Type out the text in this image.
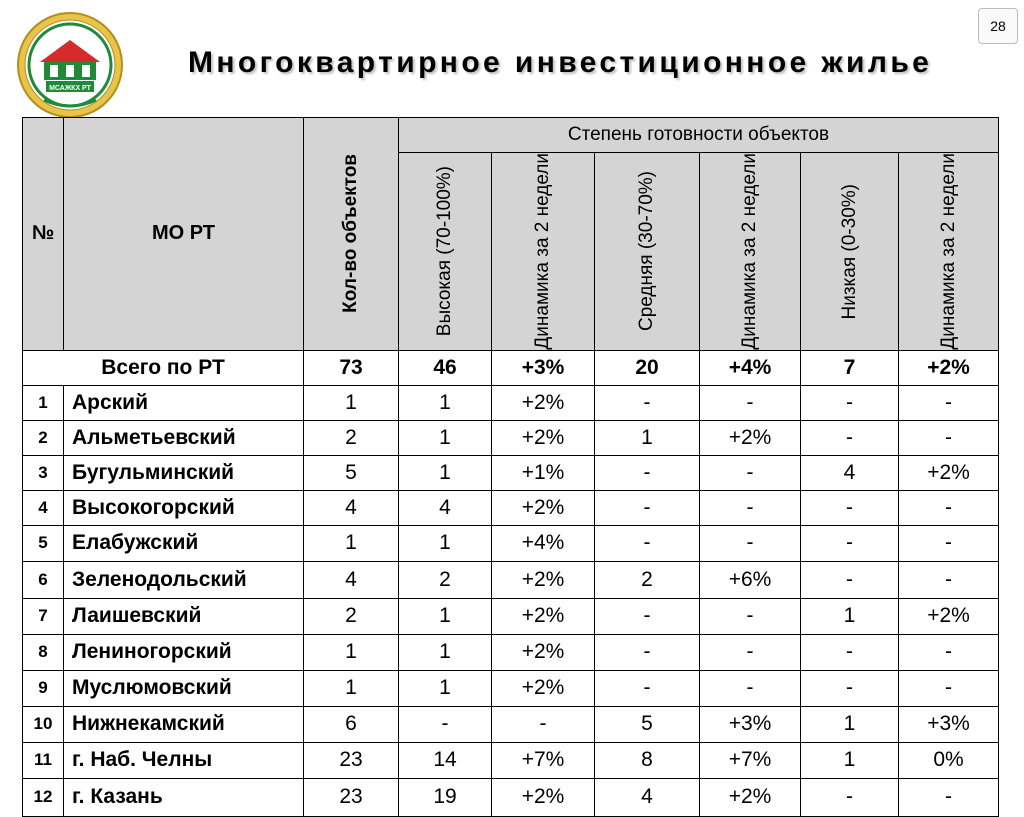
МСАЖКХ РТ
28
Многоквартирное инвестиционное жилье
№	МО РТ	Кол-во объектов	Степень готовности объектов					

			Высокая (70-100%)	Динамика за 2 недели	Средняя (30-70%)	Динамика за 2 недели	Низкая (0-30%)	Динамика за 2 недели

Всего по РТ		73	46	+3%	20	+4%	7	+2%
1	Арский	1	1	+2%	-	-	-	-
2	Альметьевский	2	1	+2%	1	+2%	-	-
3	Бугульминский	5	1	+1%	-	-	4	+2%
4	Высокогорский	4	4	+2%	-	-	-	-
5	Елабужский	1	1	+4%	-	-	-	-
6	Зеленодольский	4	2	+2%	2	+6%	-	-
7	Лаишевский	2	1	+2%	-	-	1	+2%
8	Лениногорский	1	1	+2%	-	-	-	-
9	Муслюмовский	1	1	+2%	-	-	-	-
10	Нижнекамский	6	-	-	5	+3%	1	+3%
11	г. Наб. Челны	23	14	+7%	8	+7%	1	0%
12	г. Казань	23	19	+2%	4	+2%	-	-
